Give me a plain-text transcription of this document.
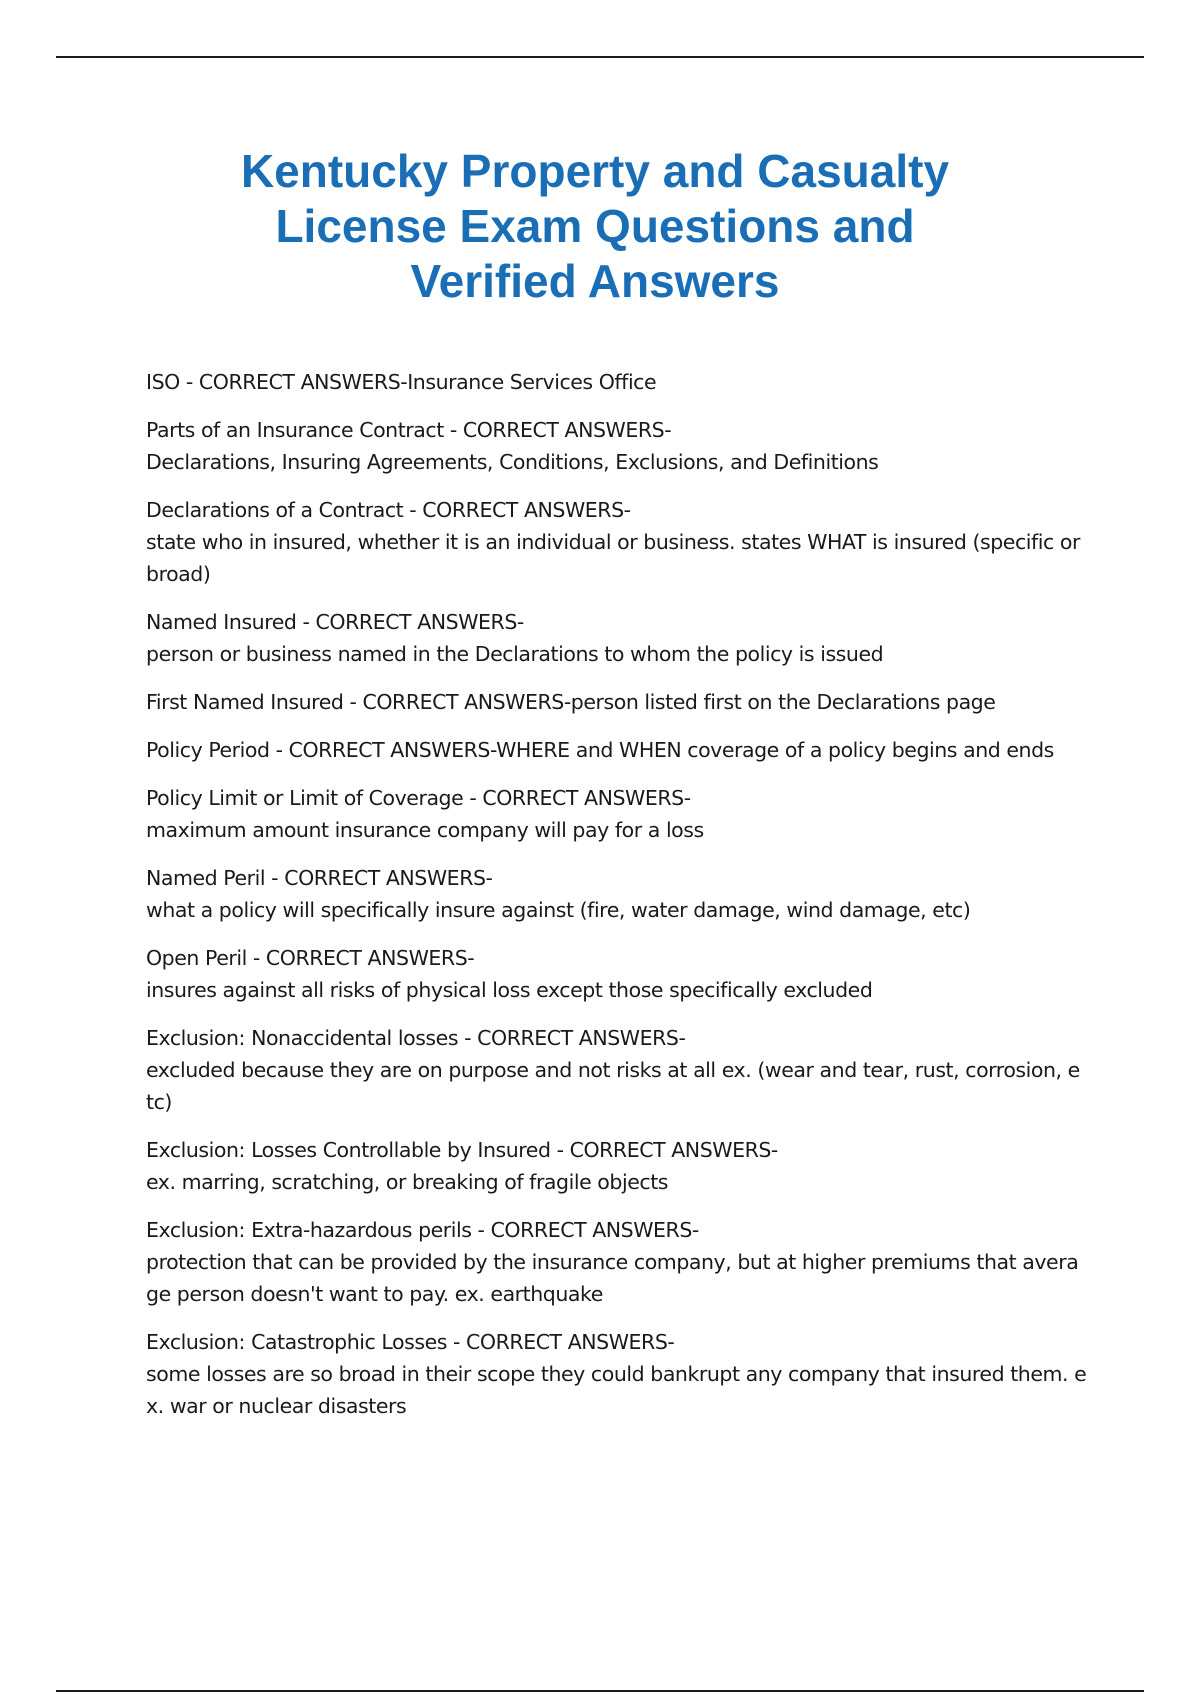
Kentucky Property and Casualty
License Exam Questions and
Verified Answers

ISO - CORRECT ANSWERS-Insurance Services Office

Parts of an Insurance Contract - CORRECT ANSWERS-
Declarations, Insuring Agreements, Conditions, Exclusions, and Definitions

Declarations of a Contract - CORRECT ANSWERS-
state who in insured, whether it is an individual or business. states WHAT is insured (specific or
broad)

Named Insured - CORRECT ANSWERS-
person or business named in the Declarations to whom the policy is issued

First Named Insured - CORRECT ANSWERS-person listed first on the Declarations page

Policy Period - CORRECT ANSWERS-WHERE and WHEN coverage of a policy begins and ends

Policy Limit or Limit of Coverage - CORRECT ANSWERS-
maximum amount insurance company will pay for a loss

Named Peril - CORRECT ANSWERS-
what a policy will specifically insure against (fire, water damage, wind damage, etc)

Open Peril - CORRECT ANSWERS-
insures against all risks of physical loss except those specifically excluded

Exclusion: Nonaccidental losses - CORRECT ANSWERS-
excluded because they are on purpose and not risks at all ex. (wear and tear, rust, corrosion, e
tc)

Exclusion: Losses Controllable by Insured - CORRECT ANSWERS-
ex. marring, scratching, or breaking of fragile objects

Exclusion: Extra-hazardous perils - CORRECT ANSWERS-
protection that can be provided by the insurance company, but at higher premiums that avera
ge person doesn't want to pay. ex. earthquake

Exclusion: Catastrophic Losses - CORRECT ANSWERS-
some losses are so broad in their scope they could bankrupt any company that insured them. e
x. war or nuclear disasters
